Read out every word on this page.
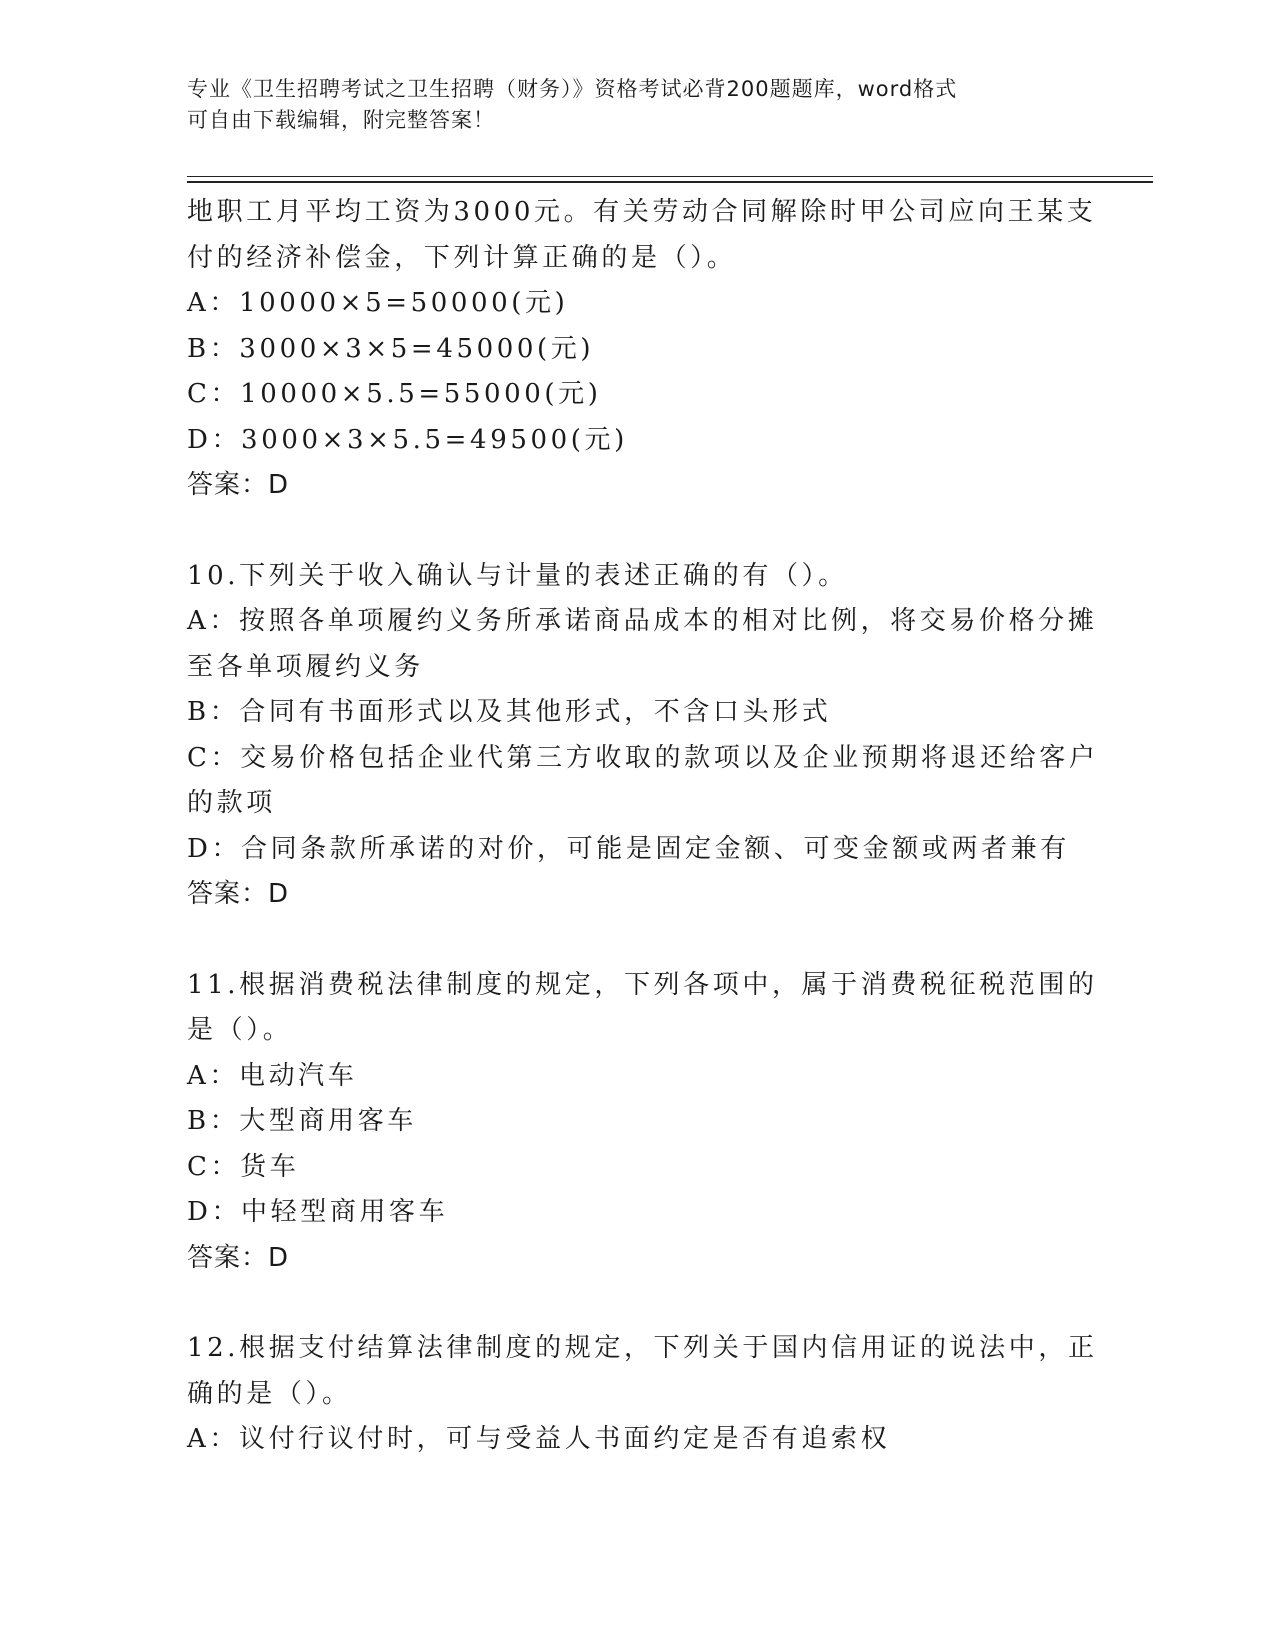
专业《卫生招聘考试之卫生招聘（财务）》资格考试必背200题题库，word格式
可自由下载编辑，附完整答案！
地职工月平均工资为3000元。有关劳动合同解除时甲公司应向王某支
付的经济补偿金，下列计算正确的是（）。
A：10000×5=50000(元)
B：3000×3×5=45000(元)
C：10000×5.5=55000(元)
D：3000×3×5.5=49500(元)
答案：D
10.下列关于收入确认与计量的表述正确的有（）。
A：按照各单项履约义务所承诺商品成本的相对比例，将交易价格分摊
至各单项履约义务
B：合同有书面形式以及其他形式，不含口头形式
C：交易价格包括企业代第三方收取的款项以及企业预期将退还给客户
的款项
D：合同条款所承诺的对价，可能是固定金额、可变金额或两者兼有
答案：D
11.根据消费税法律制度的规定，下列各项中，属于消费税征税范围的
是（）。
A：电动汽车
B：大型商用客车
C：货车
D：中轻型商用客车
答案：D
12.根据支付结算法律制度的规定，下列关于国内信用证的说法中，正
确的是（）。
A：议付行议付时，可与受益人书面约定是否有追索权
